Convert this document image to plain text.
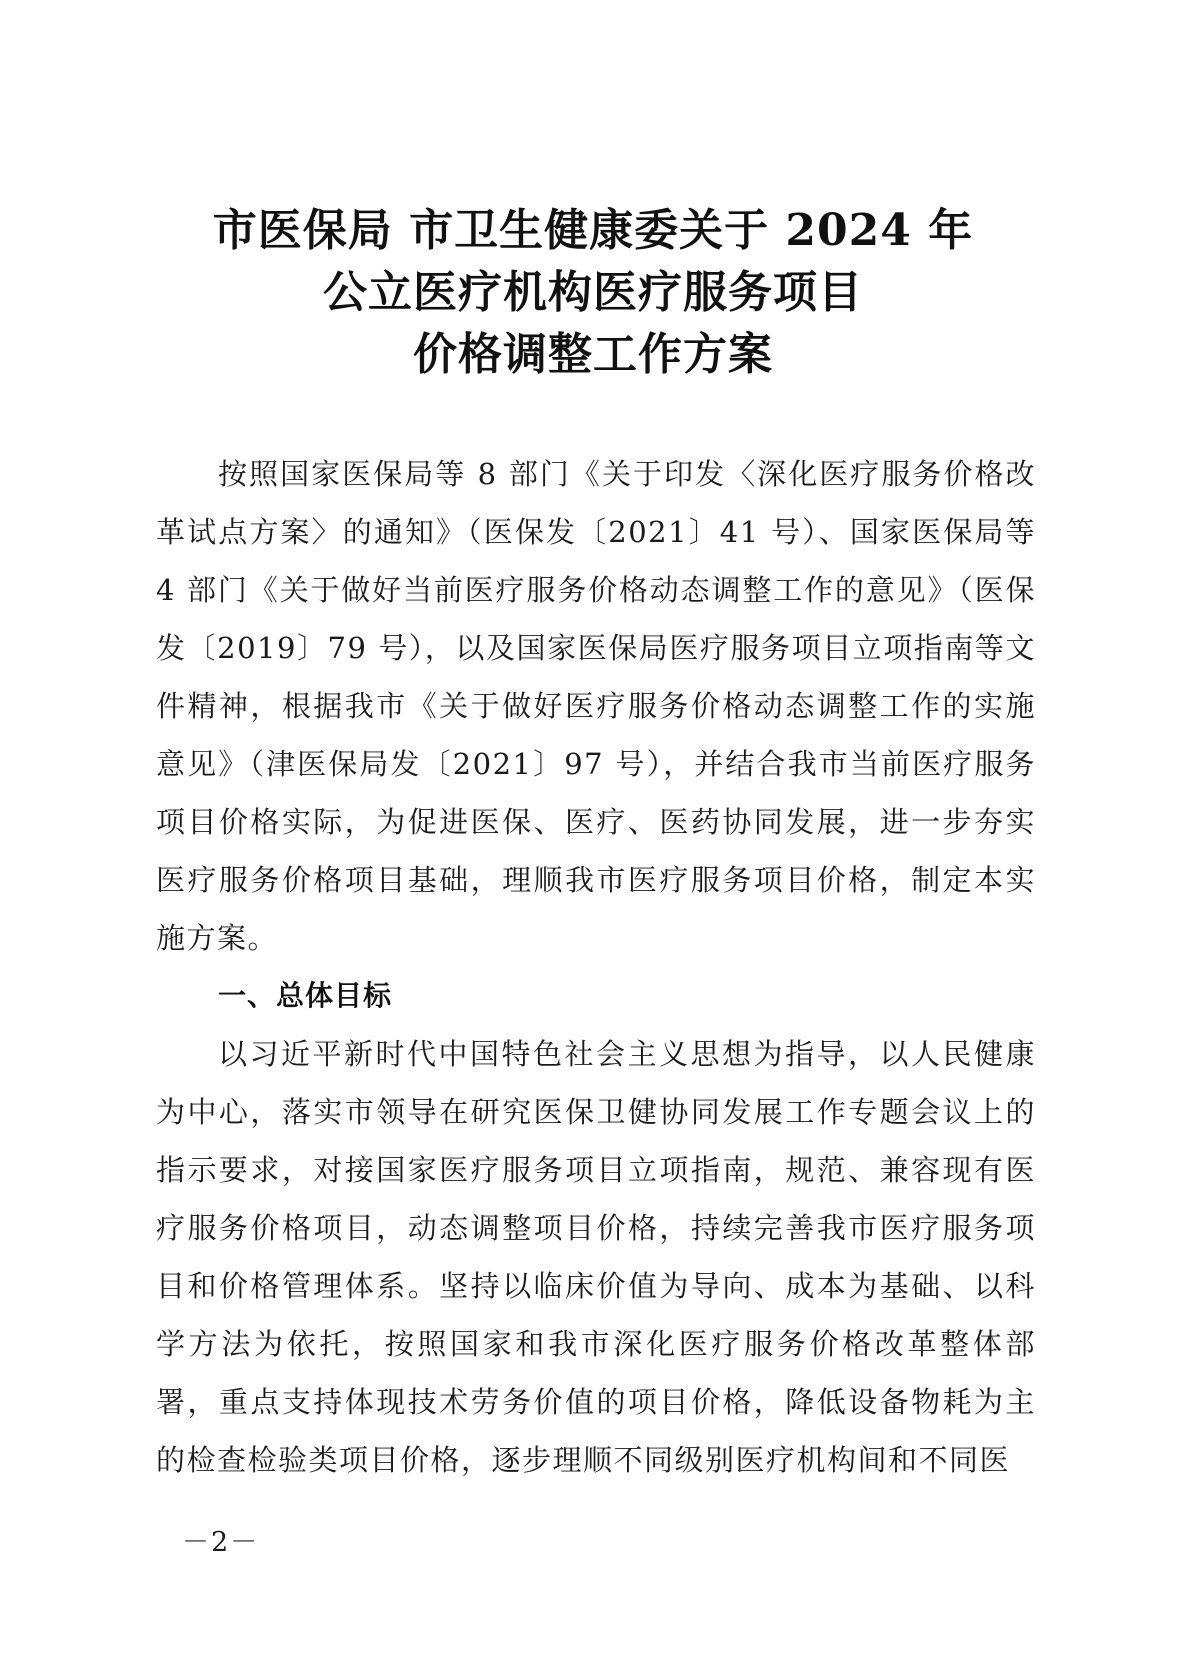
市医保局 市卫生健康委关于 2024 年
公立医疗机构医疗服务项目
价格调整工作方案

按照国家医保局等 8 部门《关于印发〈深化医疗服务价格改革试点方案〉的通知》（医保发〔2021〕41 号）、国家医保局等 4 部门《关于做好当前医疗服务价格动态调整工作的意见》（医保发〔2019〕79 号），以及国家医保局医疗服务项目立项指南等文件精神，根据我市《关于做好医疗服务价格动态调整工作的实施意见》（津医保局发〔2021〕97 号），并结合我市当前医疗服务项目价格实际，为促进医保、医疗、医药协同发展，进一步夯实医疗服务价格项目基础，理顺我市医疗服务项目价格，制定本实施方案。

一、总体目标

以习近平新时代中国特色社会主义思想为指导，以人民健康为中心，落实市领导在研究医保卫健协同发展工作专题会议上的指示要求，对接国家医疗服务项目立项指南，规范、兼容现有医疗服务价格项目，动态调整项目价格，持续完善我市医疗服务项目和价格管理体系。坚持以临床价值为导向、成本为基础、以科学方法为依托，按照国家和我市深化医疗服务价格改革整体部署，重点支持体现技术劳务价值的项目价格，降低设备物耗为主的检查检验类项目价格，逐步理顺不同级别医疗机构间和不同医

－2－
